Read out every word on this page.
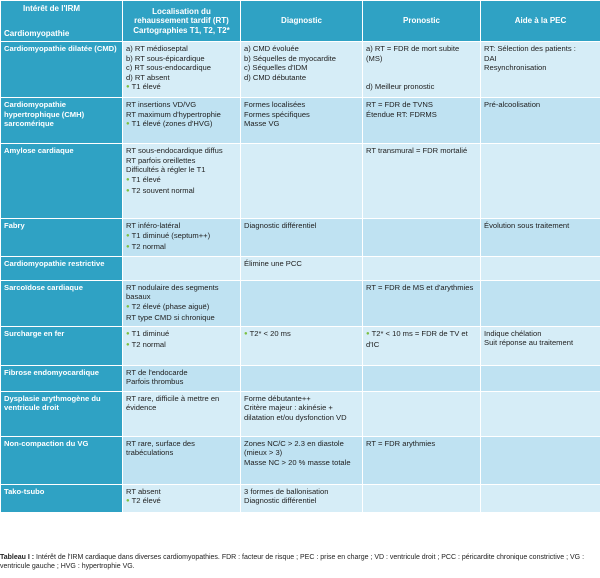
Intérêt de l'IRM
Cardiomyopathie	Localisation du rehaussement tardif (RT) Cartographies T1, T2, T2*	Diagnostic	Pronostic	Aide à la PEC
Cardiomyopathie dilatée (CMD)	a) RT médioseptal
b) RT sous-épicardique
c) RT sous-endocardique
d) RT absent
● T1 élevé	a) CMD évoluée
b) Séquelles de myocardite
c) Séquelles d'IDM
d) CMD débutante	a) RT = FDR de mort subite (MS)
d) Meilleur pronostic	RT: Sélection des patients :
DAI
Resynchronisation

Cardiomyopathie hypertrophique (CMH) sarcomérique	RT insertions VD/VG
RT maximum d'hypertrophie
● T1 élevé (zones d'HVG)	Formes localisées
Formes spécifiques
Masse VG	RT = FDR de TVNS
Étendue RT: FDRMS	Pré-alcoolisation

Amylose cardiaque	RT sous-endocardique diffus
RT parfois oreillettes
Difficultés à régler le T1
● T1 élevé
● T2 souvent normal		RT transmural = FDR mortalié	

Fabry	RT inféro-latéral
● T1 diminué (septum++)
● T2 normal	Diagnostic différentiel		Évolution sous traitement

Cardiomyopathie restrictive		Élimine une PCC		

Sarcoïdose cardiaque	RT nodulaire des segments basaux
● T2 élevé (phase aiguë)
RT type CMD si chronique		RT = FDR de MS et d'arythmies	

Surcharge en fer	● T1 diminué
● T2 normal	● T2* < 20 ms	● T2* < 10 ms = FDR de TV et d'IC	Indique chélation
Suit réponse au traitement

Fibrose endomyocardique	RT de l'endocarde
Parfois thrombus			

Dysplasie arythmogène du ventricule droit	RT rare, difficile à mettre en évidence	Forme débutante++
Critère majeur : akinésie + dilatation et/ou dysfonction VD		

Non-compaction du VG	RT rare, surface des trabéculations	Zones NC/C > 2.3 en diastole (mieux > 3)
Masse NC > 20 % masse totale	RT = FDR arythmies	

Tako-tsubo	RT absent
● T2 élevé	3 formes de ballonisation
Diagnostic différentiel		

Tableau I : Intérêt de l'IRM cardiaque dans diverses cardiomyopathies. FDR : facteur de risque ; PEC : prise en charge ; VD : ventricule droit ; PCC : péricardite chronique constrictive ; VG : ventricule gauche ; HVG : hypertrophie VG.
